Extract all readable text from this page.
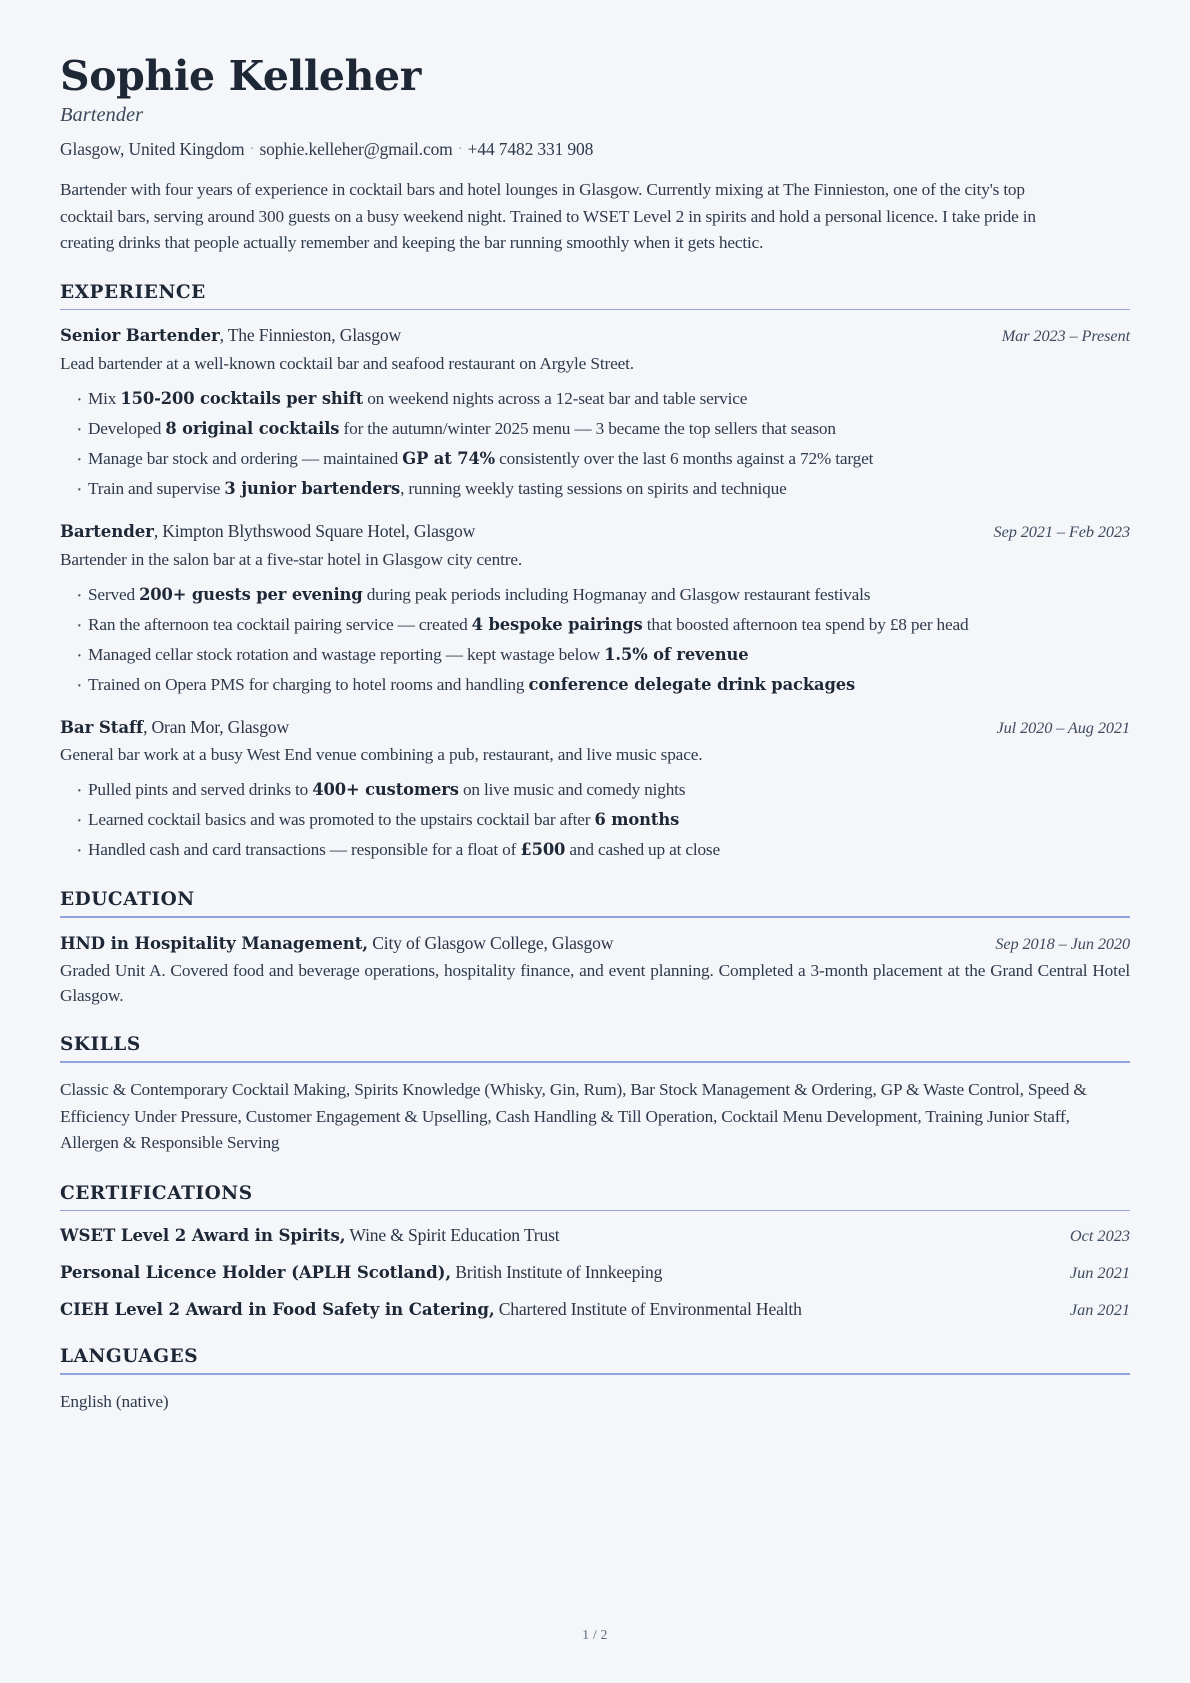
Sophie Kelleher
Bartender
Glasgow, United Kingdom · sophie.kelleher@gmail.com · +44 7482 331 908

Bartender with four years of experience in cocktail bars and hotel lounges in Glasgow. Currently mixing at The Finnieston, one of the city's top cocktail bars, serving around 300 guests on a busy weekend night. Trained to WSET Level 2 in spirits and hold a personal licence. I take pride in creating drinks that people actually remember and keeping the bar running smoothly when it gets hectic.

EXPERIENCE
Senior Bartender, The Finnieston, Glasgow	Mar 2023 – Present

Lead bartender at a well-known cocktail bar and seafood restaurant on Argyle Street.

· Mix 150-200 cocktails per shift on weekend nights across a 12-seat bar and table service
· Developed 8 original cocktails for the autumn/winter 2025 menu — 3 became the top sellers that season
· Manage bar stock and ordering — maintained GP at 74% consistently over the last 6 months against a 72% target
· Train and supervise 3 junior bartenders, running weekly tasting sessions on spirits and technique
Bartender, Kimpton Blythswood Square Hotel, Glasgow	Sep 2021 – Feb 2023

Bartender in the salon bar at a five-star hotel in Glasgow city centre.

· Served 200+ guests per evening during peak periods including Hogmanay and Glasgow restaurant festivals
· Ran the afternoon tea cocktail pairing service — created 4 bespoke pairings that boosted afternoon tea spend by £8 per head
· Managed cellar stock rotation and wastage reporting — kept wastage below 1.5% of revenue
· Trained on Opera PMS for charging to hotel rooms and handling conference delegate drink packages
Bar Staff, Oran Mor, Glasgow	Jul 2020 – Aug 2021

General bar work at a busy West End venue combining a pub, restaurant, and live music space.

· Pulled pints and served drinks to 400+ customers on live music and comedy nights
· Learned cocktail basics and was promoted to the upstairs cocktail bar after 6 months
· Handled cash and card transactions — responsible for a float of £500 and cashed up at close
EDUCATION
HND in Hospitality Management, City of Glasgow College, Glasgow	Sep 2018 – Jun 2020

Graded Unit A. Covered food and beverage operations, hospitality finance, and event planning. Completed a 3-month placement at the Grand Central Hotel Glasgow.

SKILLS

Classic & Contemporary Cocktail Making, Spirits Knowledge (Whisky, Gin, Rum), Bar Stock Management & Ordering, GP & Waste Control, Speed & Efficiency Under Pressure, Customer Engagement & Upselling, Cash Handling & Till Operation, Cocktail Menu Development, Training Junior Staff, Allergen & Responsible Serving

CERTIFICATIONS
WSET Level 2 Award in Spirits, Wine & Spirit Education Trust	Oct 2023
Personal Licence Holder (APLH Scotland), British Institute of Innkeeping	Jun 2021
CIEH Level 2 Award in Food Safety in Catering, Chartered Institute of Environmental Health	Jan 2021
LANGUAGES

English (native)

1 / 2
